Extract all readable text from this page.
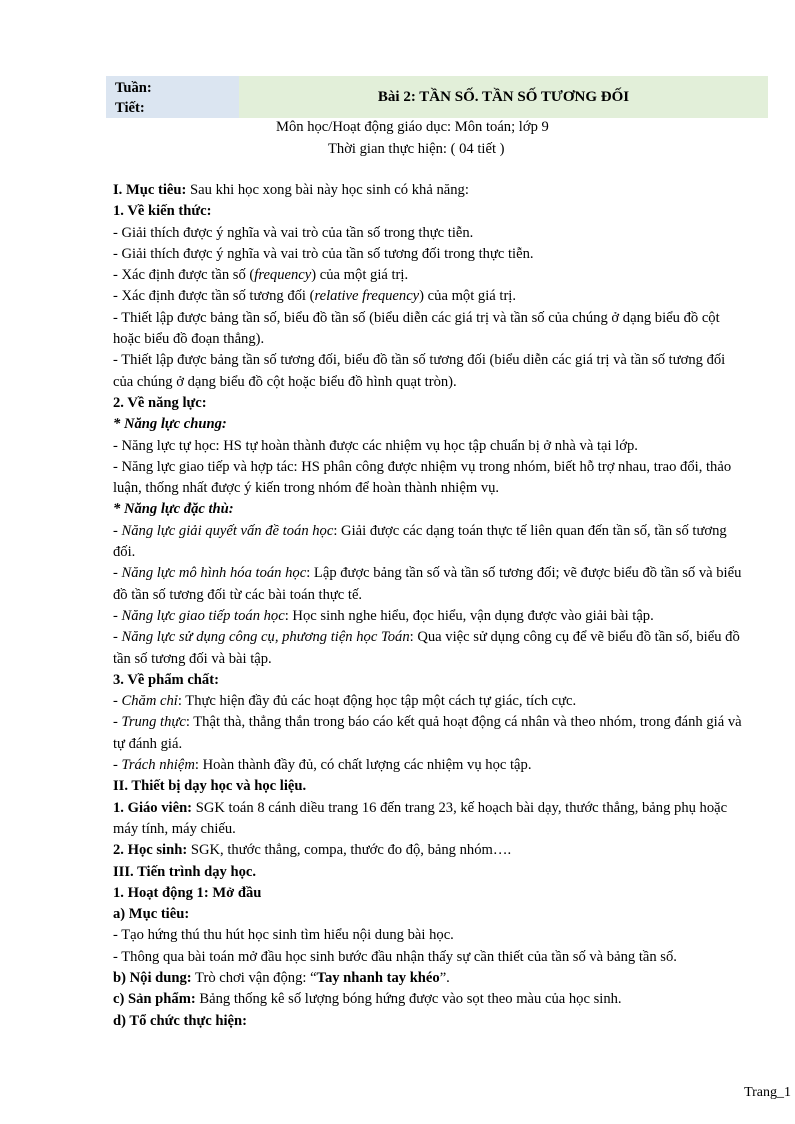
Tuần:
Tiết:
Bài 2: TẦN SỐ. TẦN SỐ TƯƠNG ĐỐI
Môn học/Hoạt động giáo dục: Môn toán; lớp 9
Thời gian thực hiện: ( 04 tiết )

I. Mục tiêu: Sau khi học xong bài này học sinh có khả năng:

1. Về kiến thức:

- Giải thích được ý nghĩa và vai trò của tần số trong thực tiễn.

- Giải thích được ý nghĩa và vai trò của tần số tương đối trong thực tiễn.

- Xác định được tần số (frequency) của một giá trị.

- Xác định được tần số tương đối (relative frequency) của một giá trị.

- Thiết lập được bảng tần số, biểu đồ tần số (biểu diễn các giá trị và tần số của chúng ở dạng biểu đồ cột hoặc biểu đồ đoạn thẳng).

- Thiết lập được bảng tần số tương đối, biểu đồ tần số tương đối (biểu diễn các giá trị và tần số tương đối của chúng ở dạng biểu đồ cột hoặc biểu đồ hình quạt tròn).

2. Về năng lực:

* Năng lực chung:

- Năng lực tự học: HS tự hoàn thành được các nhiệm vụ học tập chuẩn bị ở nhà và tại lớp.

- Năng lực giao tiếp và hợp tác: HS phân công được nhiệm vụ trong nhóm, biết hỗ trợ nhau, trao đổi, thảo luận, thống nhất được ý kiến trong nhóm để hoàn thành nhiệm vụ.

* Năng lực đặc thù:

- Năng lực giải quyết vấn đề toán học: Giải được các dạng toán thực tế liên quan đến tần số, tần số tương đối.

- Năng lực mô hình hóa toán học: Lập được bảng tần số và tần số tương đối; vẽ được biểu đồ tần số và biểu đồ tần số tương đối từ các bài toán thực tế.

- Năng lực giao tiếp toán học: Học sinh nghe hiểu, đọc hiểu, vận dụng được vào giải bài tập.

- Năng lực sử dụng công cụ, phương tiện học Toán: Qua việc sử dụng công cụ để vẽ biểu đồ tần số, biểu đồ tần số tương đối và bài tập.

3. Về phẩm chất:

- Chăm chỉ: Thực hiện đầy đủ các hoạt động học tập một cách tự giác, tích cực.

- Trung thực: Thật thà, thẳng thắn trong báo cáo kết quả hoạt động cá nhân và theo nhóm, trong đánh giá và tự đánh giá.

- Trách nhiệm: Hoàn thành đầy đủ, có chất lượng các nhiệm vụ học tập.

II. Thiết bị dạy học và học liệu.

1. Giáo viên: SGK toán 8 cánh diều trang 16 đến trang 23, kế hoạch bài dạy, thước thẳng, bảng phụ hoặc máy tính, máy chiếu.

2. Học sinh: SGK, thước thẳng, compa, thước đo độ, bảng nhóm….

III. Tiến trình dạy học.

1. Hoạt động 1: Mở đầu

a) Mục tiêu:

- Tạo hứng thú thu hút học sinh tìm hiểu nội dung bài học.

- Thông qua bài toán mở đầu học sinh bước đầu nhận thấy sự cần thiết của tần số và bảng tần số.

b) Nội dung: Trò chơi vận động: “Tay nhanh tay khéo”.

c) Sản phẩm: Bảng thống kê số lượng bóng hứng được vào sọt theo màu của học sinh.

d) Tổ chức thực hiện:

Trang_1
